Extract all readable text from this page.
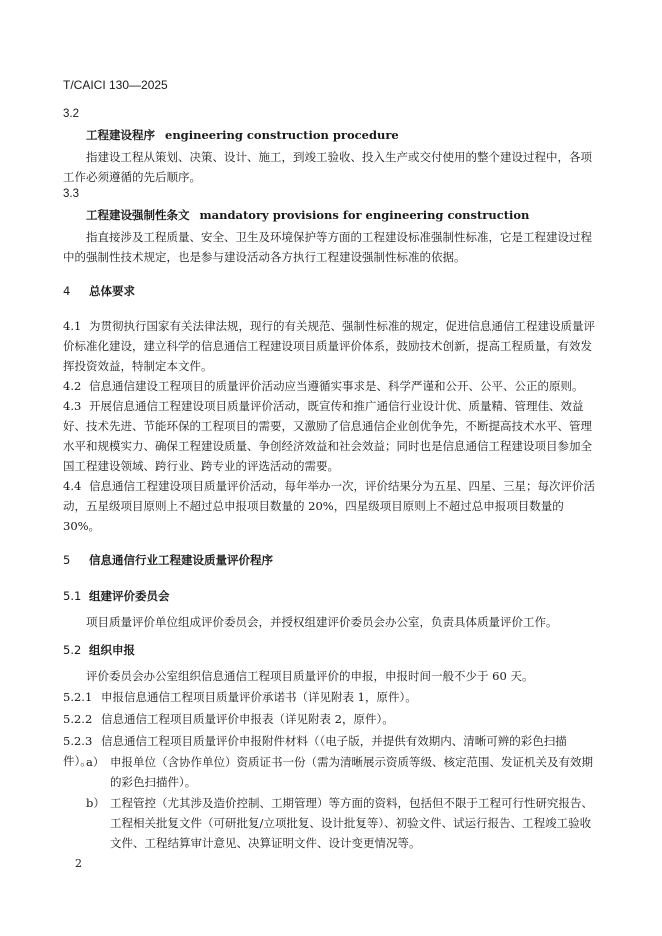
T/CAICI 130—2025
3.2
工程建设程序 engineering construction procedure
指建设工程从策划、决策、设计、施工，到竣工验收、投入生产或交付使用的整个建设过程中，各项工作必须遵循的先后顺序。
3.3
工程建设强制性条文 mandatory provisions for engineering construction
指直接涉及工程质量、安全、卫生及环境保护等方面的工程建设标准强制性标准，它是工程建设过程中的强制性技术规定，也是参与建设活动各方执行工程建设强制性标准的依据。
4 总体要求
4.1 为贯彻执行国家有关法律法规，现行的有关规范、强制性标准的规定，促进信息通信工程建设质量评价标准化建设，建立科学的信息通信工程建设项目质量评价体系，鼓励技术创新，提高工程质量，有效发挥投资效益，特制定本文件。
4.2 信息通信建设工程项目的质量评价活动应当遵循实事求是、科学严谨和公开、公平、公正的原则。
4.3 开展信息通信工程建设项目质量评价活动，既宣传和推广通信行业设计优、质量精、管理佳、效益好、技术先进、节能环保的工程项目的需要，又激励了信息通信企业创优争先，不断提高技术水平、管理水平和规模实力、确保工程建设质量、争创经济效益和社会效益；同时也是信息通信工程建设项目参加全国工程建设领域、跨行业、跨专业的评选活动的需要。
4.4 信息通信工程建设项目质量评价活动，每年举办一次，评价结果分为五星、四星、三星；每次评价活动，五星级项目原则上不超过总申报项目数量的 20%，四星级项目原则上不超过总申报项目数量的 30%。
5 信息通信行业工程建设质量评价程序
5.1 组建评价委员会
项目质量评价单位组成评价委员会，并授权组建评价委员会办公室，负责具体质量评价工作。
5.2 组织申报
评价委员会办公室组织信息通信工程项目质量评价的申报，申报时间一般不少于 60 天。
5.2.1 申报信息通信工程项目质量评价承诺书（详见附表 1，原件）。
5.2.2 信息通信工程项目质量评价申报表（详见附表 2，原件）。
5.2.3 信息通信工程项目质量评价申报附件材料（（电子版，并提供有效期内、清晰可辨的彩色扫描件）。
a） 申报单位（含协作单位）资质证书一份（需为清晰展示资质等级、核定范围、发证机关及有效期的彩色扫描件）。
b） 工程管控（尤其涉及造价控制、工期管理）等方面的资料，包括但不限于工程可行性研究报告、工程相关批复文件（可研批复/立项批复、设计批复等）、初验文件、试运行报告、工程竣工验收文件、工程结算审计意见、决算证明文件、设计变更情况等。
2
